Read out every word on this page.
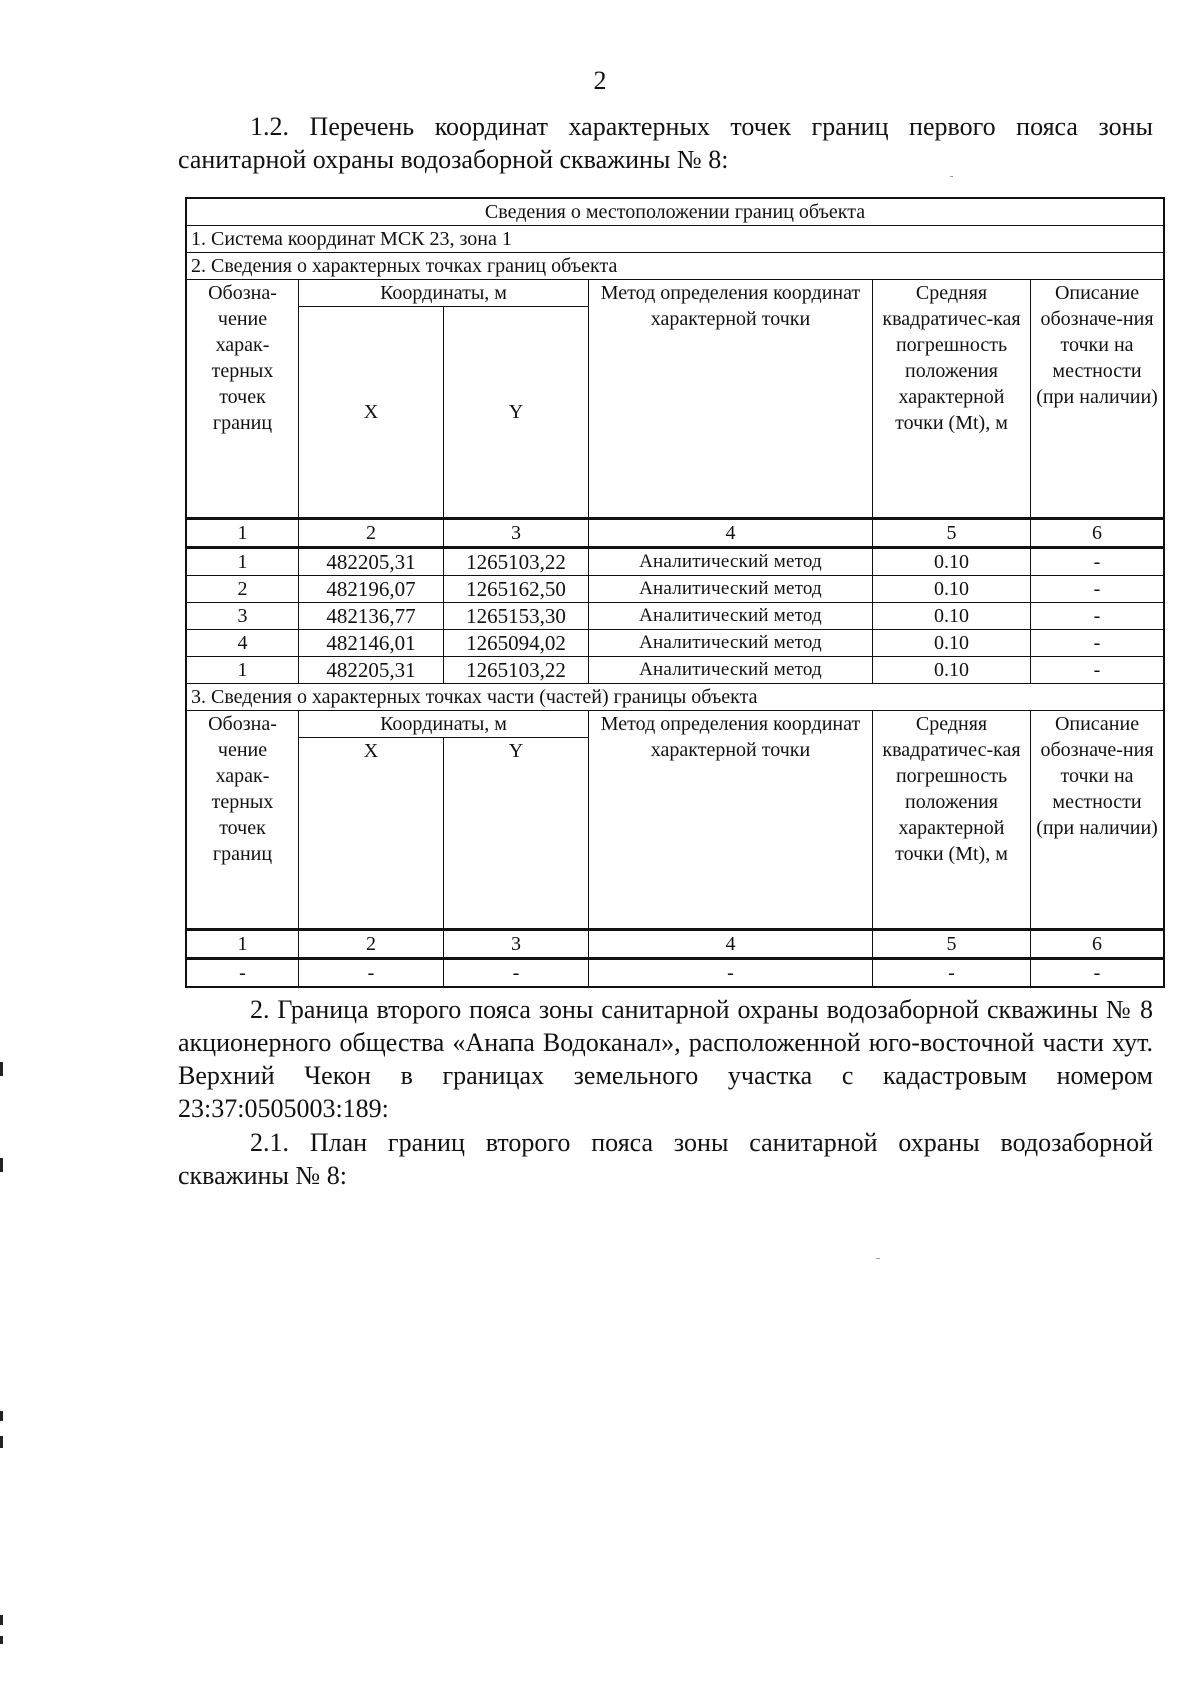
2
1.2. Перечень координат характерных точек границ первого пояса зоны санитарной охраны водозаборной скважины № 8:
Сведения о местоположении границ объекта					
1. Система координат МСК 23, зона 1					
2. Сведения о характерных точках границ объекта					
Обозна-чение харак-терных точек границ	Координаты, м		Метод определения координат характерной точки	Средняя квадратичес-кая погрешность положения характерной точки (Mt), м	Описание обозначе-ния точки на местности (при наличии)
	X	Y			
1	2	3	4	5	6
1	482205,31	1265103,22	Аналитический метод	0.10	-
2	482196,07	1265162,50	Аналитический метод	0.10	-
3	482136,77	1265153,30	Аналитический метод	0.10	-
4	482146,01	1265094,02	Аналитический метод	0.10	-
1	482205,31	1265103,22	Аналитический метод	0.10	-
3. Сведения о характерных точках части (частей) границы объекта					
Обозна-чение харак-терных точек границ	Координаты, м		Метод определения координат характерной точки	Средняя квадратичес-кая погрешность положения характерной точки (Mt), м	Описание обозначе-ния точки на местности (при наличии)
	X	Y			
1	2	3	4	5	6
-	-	-	-	-	-
2. Граница второго пояса зоны санитарной охраны водозаборной скважины № 8 акционерного общества «Анапа Водоканал», расположенной юго-восточной части хут. Верхний Чекон в границах земельного участка с кадастровым номером 23:37:0505003:189:
2.1. План границ второго пояса зоны санитарной охраны водозаборной скважины № 8:
